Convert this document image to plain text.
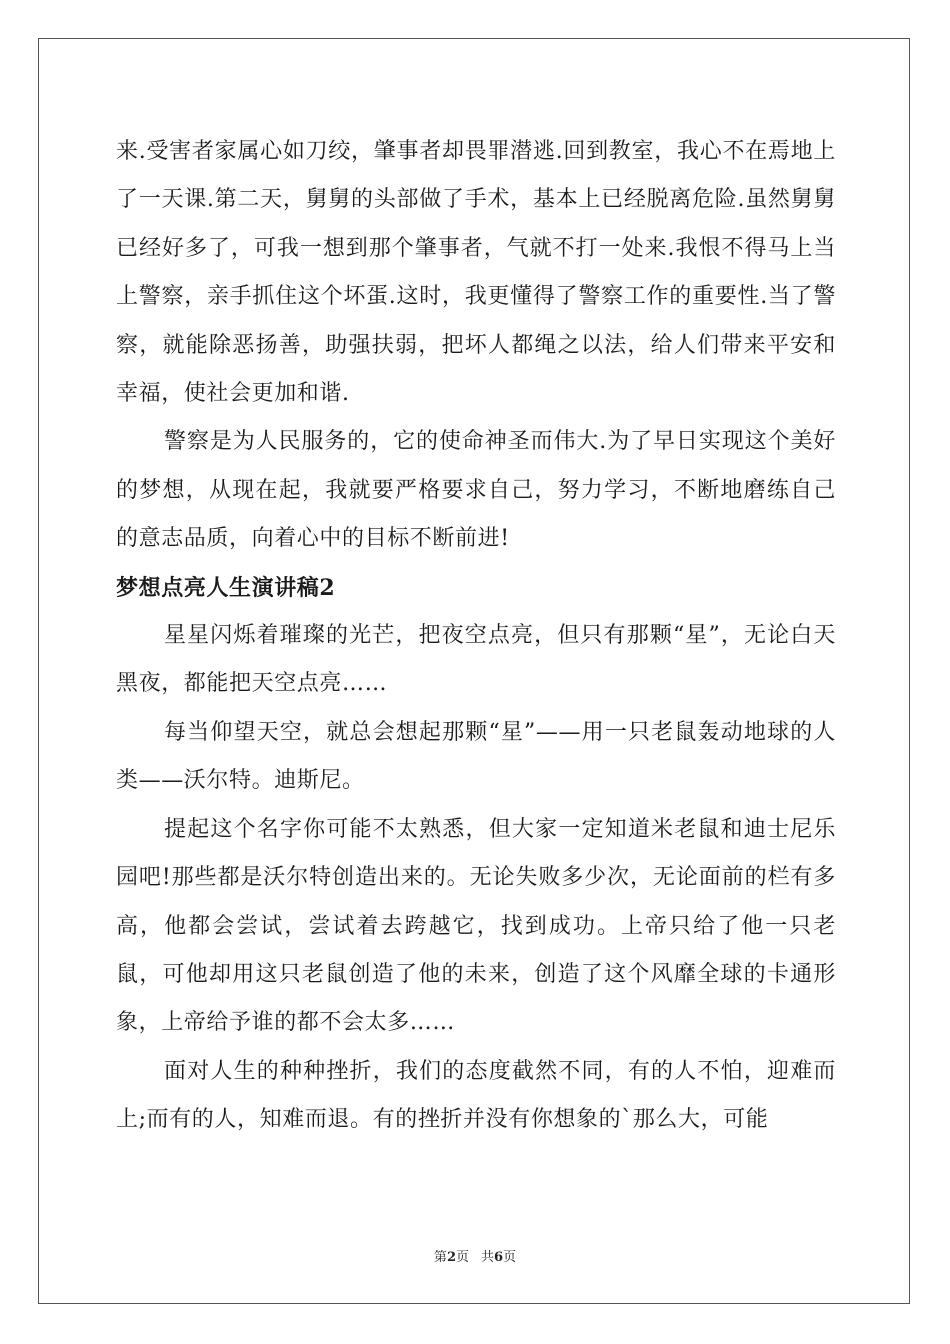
来.受害者家属心如刀绞，肇事者却畏罪潜逃.回到教室，我心不在焉地上了一天课.第二天，舅舅的头部做了手术，基本上已经脱离危险.虽然舅舅已经好多了，可我一想到那个肇事者，气就不打一处来.我恨不得马上当上警察，亲手抓住这个坏蛋.这时，我更懂得了警察工作的重要性.当了警察，就能除恶扬善，助强扶弱，把坏人都绳之以法，给人们带来平安和幸福，使社会更加和谐.

警察是为人民服务的，它的使命神圣而伟大.为了早日实现这个美好的梦想，从现在起，我就要严格要求自己，努力学习，不断地磨练自己的意志品质，向着心中的目标不断前进!

梦想点亮人生演讲稿2

星星闪烁着璀璨的光芒，把夜空点亮，但只有那颗“星”，无论白天黑夜，都能把天空点亮……

每当仰望天空，就总会想起那颗“星”——用一只老鼠轰动地球的人类——沃尔特。迪斯尼。

提起这个名字你可能不太熟悉，但大家一定知道米老鼠和迪士尼乐园吧!那些都是沃尔特创造出来的。无论失败多少次，无论面前的栏有多高，他都会尝试，尝试着去跨越它，找到成功。上帝只给了他一只老鼠，可他却用这只老鼠创造了他的未来，创造了这个风靡全球的卡通形象，上帝给予谁的都不会太多……

面对人生的种种挫折，我们的态度截然不同，有的人不怕，迎难而上;而有的人，知难而退。有的挫折并没有你想象的`那么大，可能

第2页 共6页
